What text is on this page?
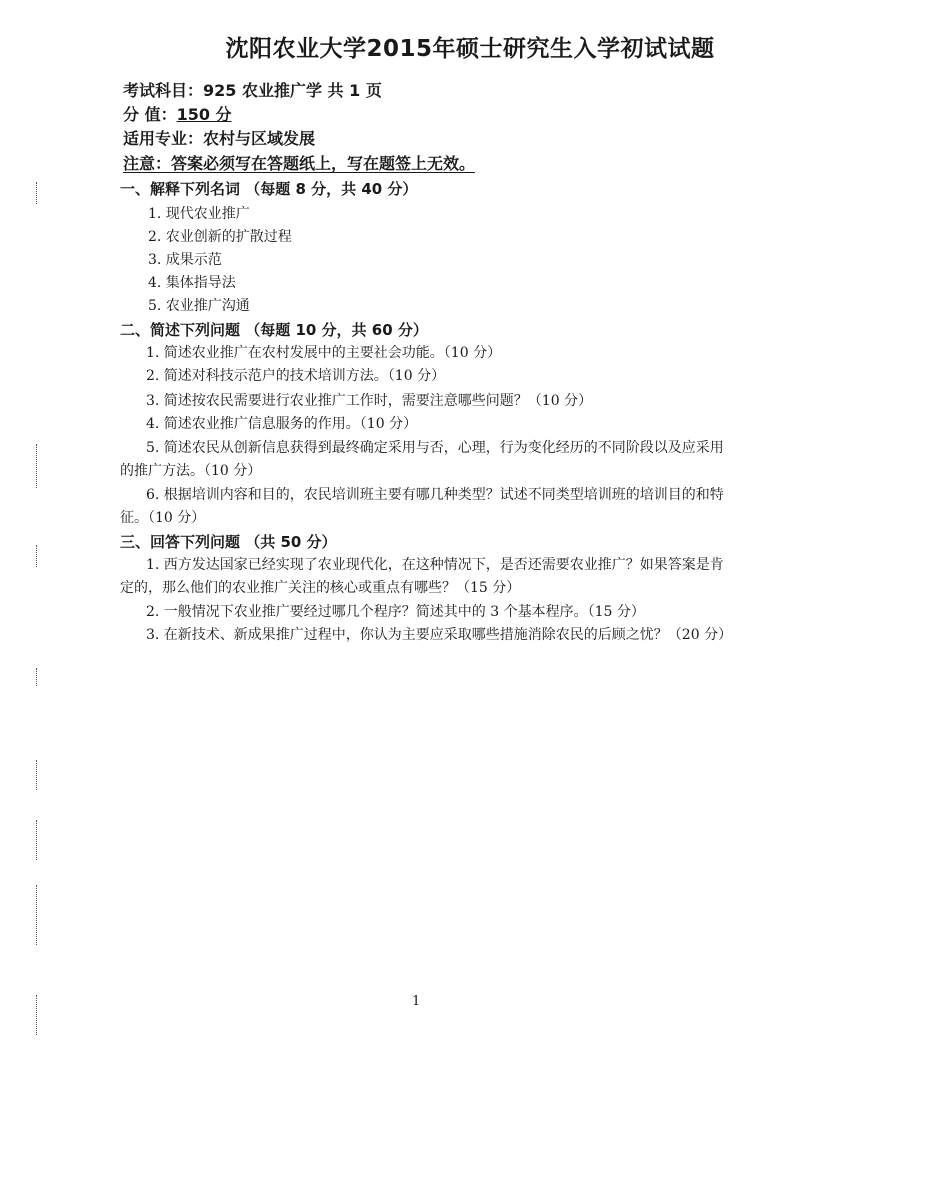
沈阳农业大学2015年硕士研究生入学初试试题
考试科目：925 农业推广学 共 1 页
分 值：150 分
适用专业：农村与区域发展
注意：答案必须写在答题纸上，写在题签上无效。
一、解释下列名词 （每题 8 分，共 40 分）
1. 现代农业推广
2. 农业创新的扩散过程
3. 成果示范
4. 集体指导法
5. 农业推广沟通
二、简述下列问题 （每题 10 分，共 60 分）
1. 简述农业推广在农村发展中的主要社会功能。（10 分）
2. 简述对科技示范户的技术培训方法。（10 分）
3. 简述按农民需要进行农业推广工作时，需要注意哪些问题？（10 分）
4. 简述农业推广信息服务的作用。（10 分）
5. 简述农民从创新信息获得到最终确定采用与否，心理，行为变化经历的不同阶段以及应采用的推广方法。（10 分）
6. 根据培训内容和目的，农民培训班主要有哪几种类型？试述不同类型培训班的培训目的和特征。（10 分）
三、回答下列问题 （共 50 分）
1. 西方发达国家已经实现了农业现代化，在这种情况下，是否还需要农业推广？如果答案是肯定的，那么他们的农业推广关注的核心或重点有哪些？（15 分）
2. 一般情况下农业推广要经过哪几个程序？简述其中的 3 个基本程序。（15 分）
3. 在新技术、新成果推广过程中，你认为主要应采取哪些措施消除农民的后顾之忧？（20 分）
1
